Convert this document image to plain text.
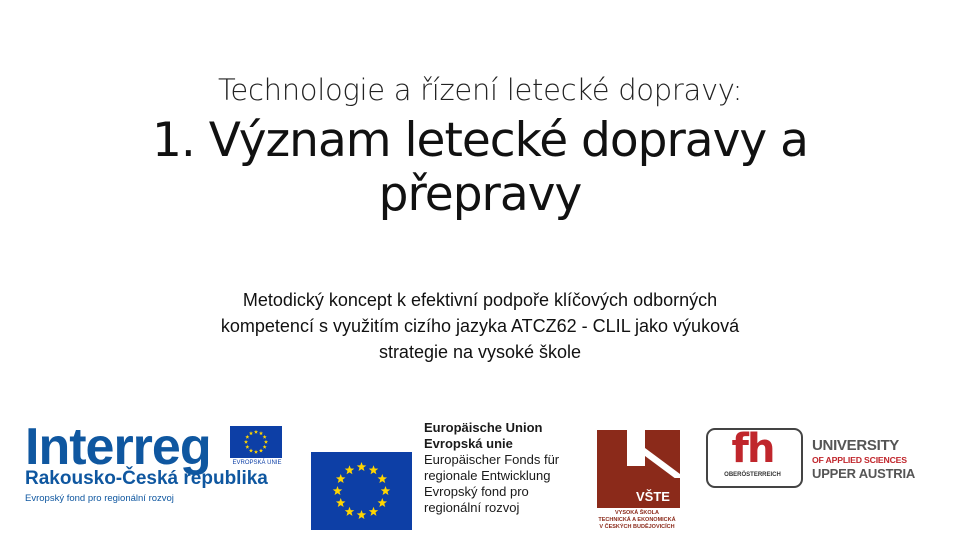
Technologie a řízení letecké dopravy:
1. Význam letecké dopravy a
přepravy
Metodický koncept k efektivní podpoře klíčových odborných
kompetencí s využitím cizího jazyka ATCZ62 - CLIL jako výuková
strategie na vysoké škole
Interreg	EVROPSKÁ UNIE
Rakousko-Česká republika
Evropský fond pro regionální rozvoj
Europäische Union
Evropská unie
Europäischer Fonds für
regionale Entwicklung
Evropský fond pro
regionální rozvoj
VŠTE
VYSOKÁ ŠKOLA
TECHNICKÁ A EKONOMICKÁ
V ČESKÝCH BUDĚJOVICÍCH
fh
OBERÖSTERREICH
UNIVERSITY
OF APPLIED SCIENCES
UPPER AUSTRIA
